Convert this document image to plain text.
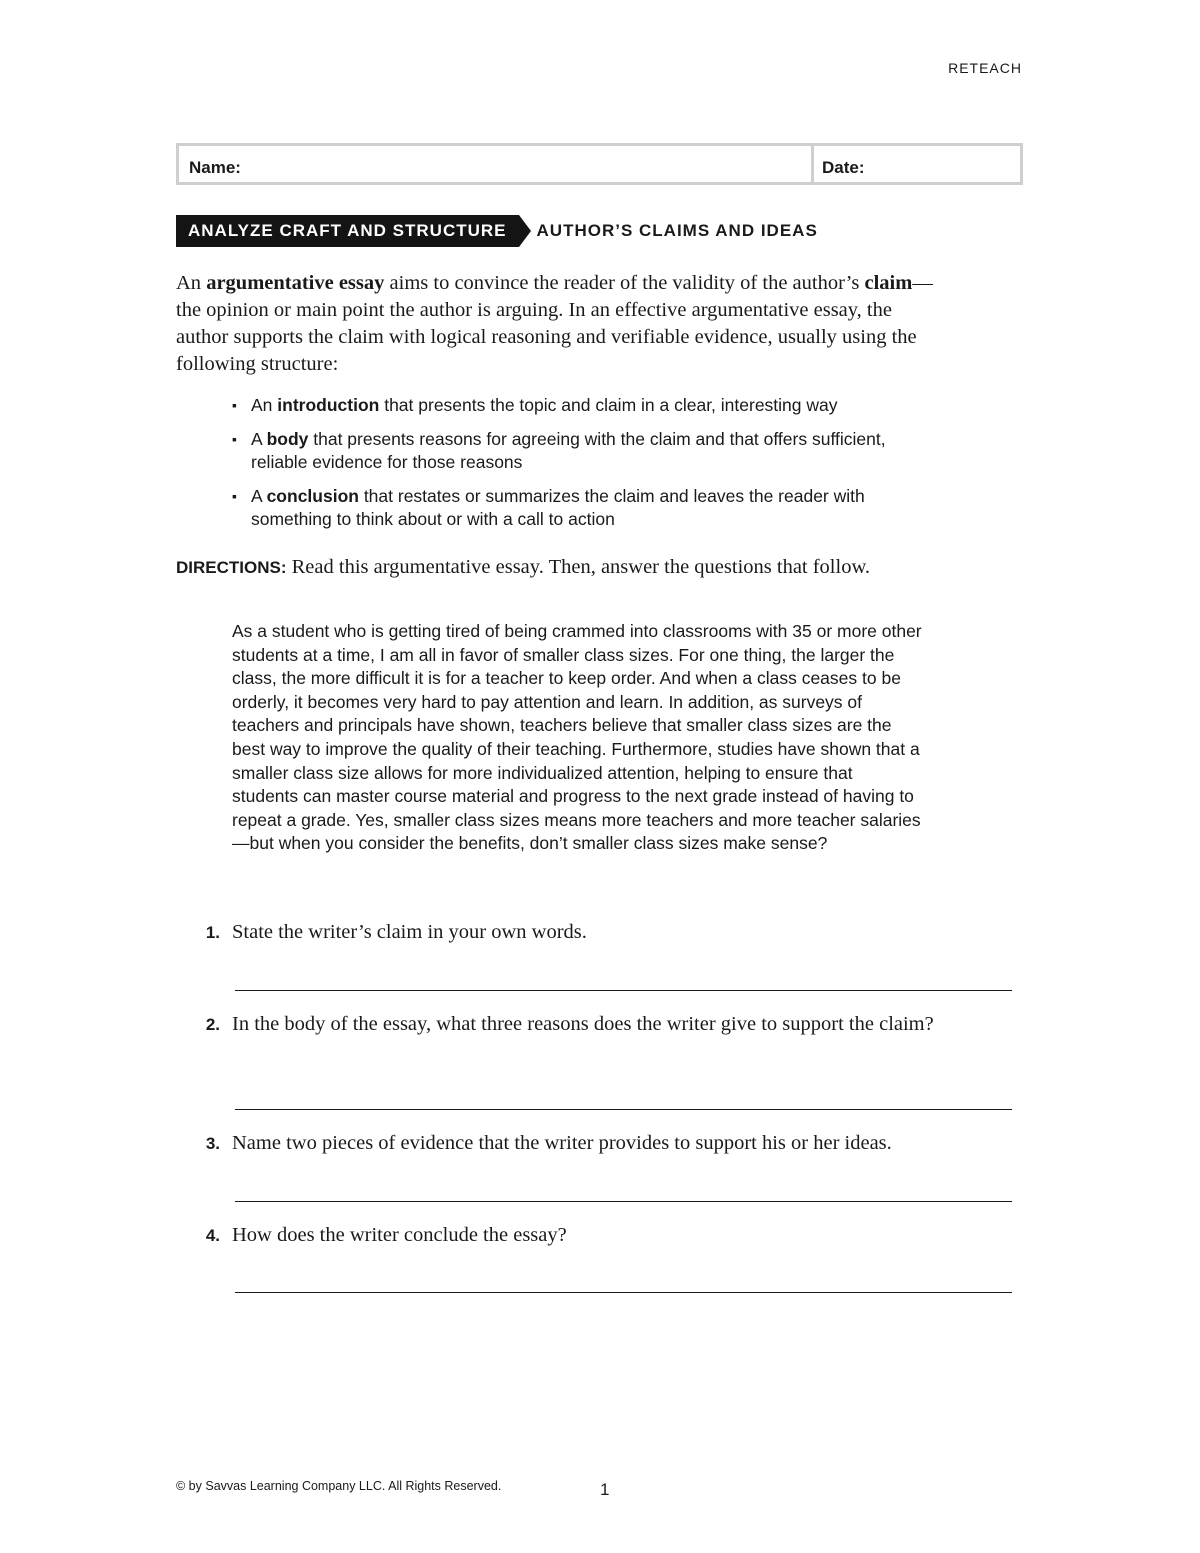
RETEACH
Name:	Date:
ANALYZE CRAFT AND STRUCTURE	AUTHOR’S CLAIMS AND IDEAS
An argumentative essay aims to convince the reader of the validity of the author’s claim—the opinion or main point the author is arguing. In an effective argumentative essay, the author supports the claim with logical reasoning and verifiable evidence, usually using the following structure:
▪ An introduction that presents the topic and claim in a clear, interesting way
▪ A body that presents reasons for agreeing with the claim and that offers sufficient, reliable evidence for those reasons
▪ A conclusion that restates or summarizes the claim and leaves the reader with something to think about or with a call to action
DIRECTIONS: Read this argumentative essay. Then, answer the questions that follow.
As a student who is getting tired of being crammed into classrooms with 35 or more other students at a time, I am all in favor of smaller class sizes. For one thing, the larger the class, the more difficult it is for a teacher to keep order. And when a class ceases to be orderly, it becomes very hard to pay attention and learn. In addition, as surveys of teachers and principals have shown, teachers believe that smaller class sizes are the best way to improve the quality of their teaching. Furthermore, studies have shown that a smaller class size allows for more individualized attention, helping to ensure that students can master course material and progress to the next grade instead of having to repeat a grade. Yes, smaller class sizes means more teachers and more teacher salaries—but when you consider the benefits, don’t smaller class sizes make sense?
1. State the writer’s claim in your own words.
2. In the body of the essay, what three reasons does the writer give to support the claim?
3. Name two pieces of evidence that the writer provides to support his or her ideas.
4. How does the writer conclude the essay?
© by Savvas Learning Company LLC. All Rights Reserved.	1
